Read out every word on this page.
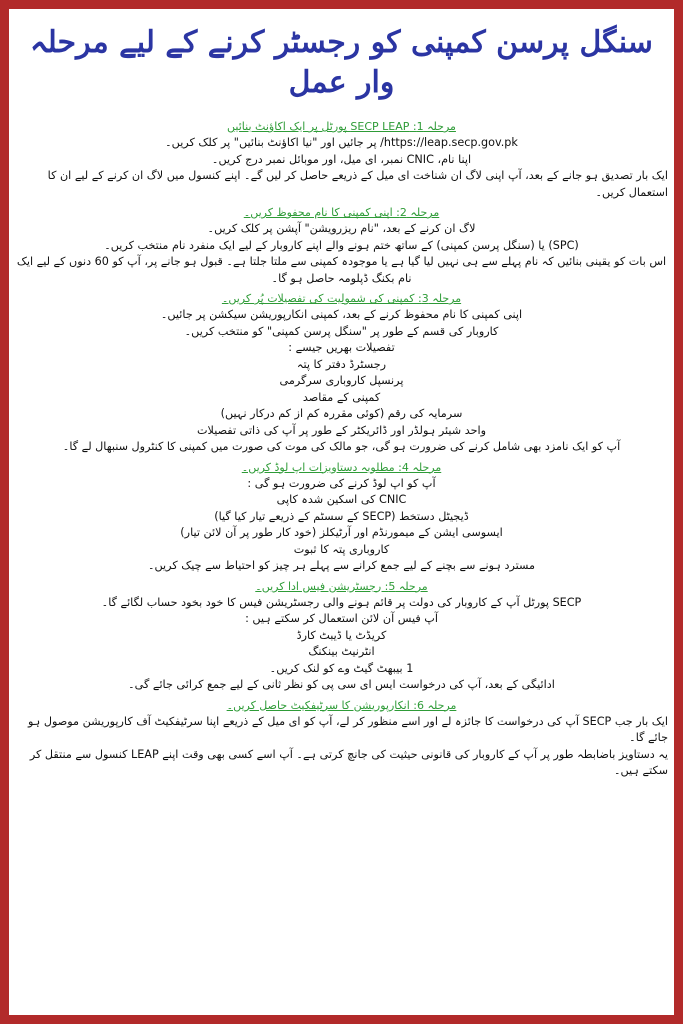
سنگل پرسن کمپنی کو رجسٹر کرنے کے لیے مرحلہ وار عمل
مرحلہ 1: SECP LEAP پورٹل پر ایک اکاؤنٹ بنائیں
https://leap.secp.gov.pk/ پر جائیں اور "نیا اکاؤنٹ بنائیں" پر کلک کریں۔
اپنا نام، CNIC نمبر، ای میل، اور موبائل نمبر درج کریں۔
ایک بار تصدیق ہو جانے کے بعد، آپ اپنی لاگ ان شناخت ای میل کے ذریعے حاصل کر لیں گے۔ اپنے کنسول میں لاگ ان کرنے کے لیے ان کا استعمال کریں۔
مرحلہ 2: اپنی کمپنی کا نام محفوظ کریں۔
لاگ ان کرنے کے بعد، "نام ریزرویشن" آپشن پر کلک کریں۔
(SPC) یا (سنگل پرسن کمپنی) کے ساتھ ختم ہونے والے اپنے کاروبار کے لیے ایک منفرد نام منتخب کریں۔
اس بات کو یقینی بنائیں کہ نام پہلے سے ہی نہیں لیا گیا ہے یا موجودہ کمپنی سے ملتا جلتا ہے۔ قبول ہو جانے پر، آپ کو 60 دنوں کے لیے ایک نام بکنگ ڈپلومہ حاصل ہو گا۔
مرحلہ 3: کمپنی کی شمولیت کی تفصیلات پُر کریں۔
اپنی کمپنی کا نام محفوظ کرنے کے بعد، کمپنی انکارپوریشن سیکشن پر جائیں۔
کاروبار کی قسم کے طور پر "سنگل پرسن کمپنی" کو منتخب کریں۔
تفصیلات بھریں جیسے :
رجسٹرڈ دفتر کا پتہ
پرنسپل کاروباری سرگرمی
کمپنی کے مقاصد
سرمایہ کی رقم (کوئی مقررہ کم از کم درکار نہیں)
واحد شیئر ہولڈر اور ڈائریکٹر کے طور پر آپ کی ذاتی تفصیلات
آپ کو ایک نامزد بھی شامل کرنے کی ضرورت ہو گی، جو مالک کی موت کی صورت میں کمپنی کا کنٹرول سنبھال لے گا۔
مرحلہ 4: مطلوبہ دستاویزات اپ لوڈ کریں۔
آپ کو اپ لوڈ کرنے کی ضرورت ہو گی :
CNIC کی اسکین شدہ کاپی
ڈیجیٹل دستخط (SECP کے سسٹم کے ذریعے تیار کیا گیا)
ایسوسی ایشن کے میمورنڈم اور آرٹیکلز (خود کار طور پر آن لائن تیار)
کاروباری پتہ کا ثبوت
مسترد ہونے سے بچنے کے لیے جمع کرانے سے پہلے ہر چیز کو احتیاط سے چیک کریں۔
مرحلہ 5: رجسٹریشن فیس ادا کریں۔
SECP پورٹل آپ کے کاروبار کی دولت پر قائم ہونے والی رجسٹریشن فیس کا خود بخود حساب لگائے گا۔
آپ فیس آن لائن استعمال کر سکتے ہیں :
کریڈٹ یا ڈیبٹ کارڈ
انٹرنیٹ بینکنگ
1 بیبھٹ گیٹ وے کو لنک کریں۔
ادائیگی کے بعد، آپ کی درخواست ایس ای سی پی کو نظر ثانی کے لیے جمع کرائی جائے گی۔
مرحلہ 6: انکارپوریشن کا سرٹیفکیٹ حاصل کریں۔
ایک بار جب SECP آپ کی درخواست کا جائزہ لے اور اسے منظور کر لے، آپ کو ای میل کے ذریعے اپنا سرٹیفکیٹ آف کارپوریشن موصول ہو جائے گا۔
یہ دستاویز باضابطہ طور پر آپ کے کاروبار کی قانونی حیثیت کی جانچ کرتی ہے۔ آپ اسے کسی بھی وقت اپنے LEAP کنسول سے منتقل کر سکتے ہیں۔
